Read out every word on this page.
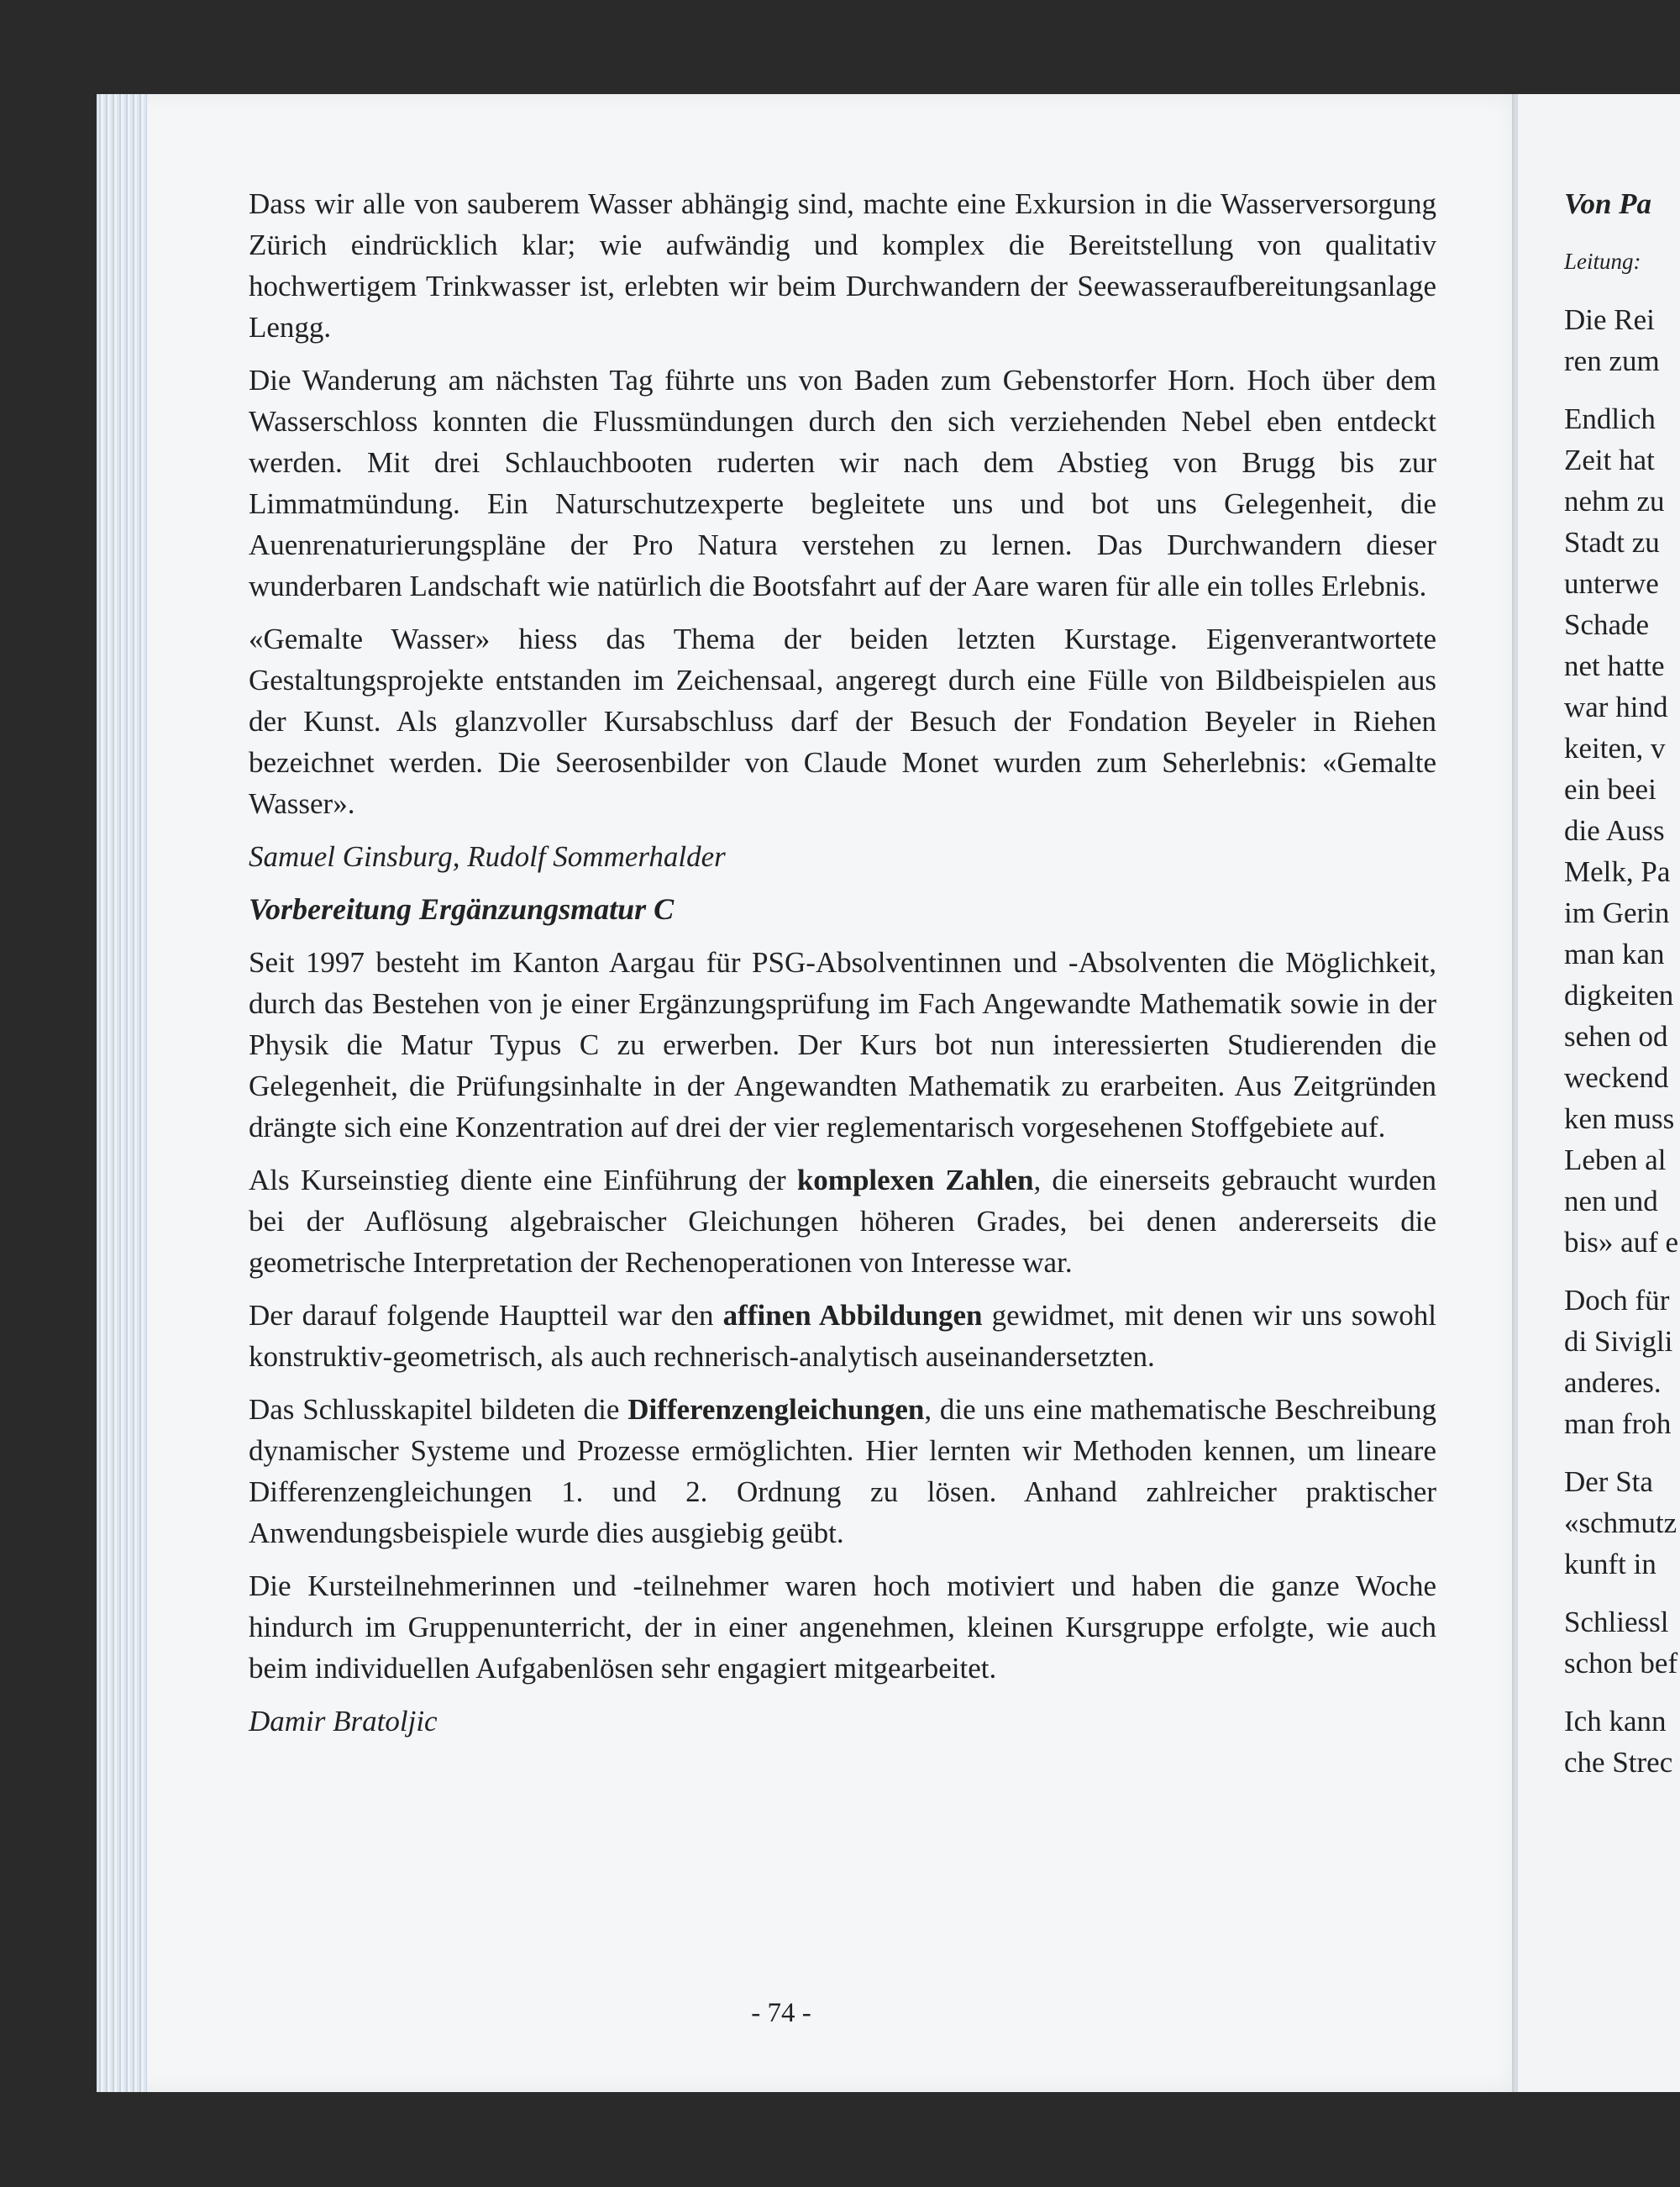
Dass wir alle von sauberem Wasser abhängig sind, machte eine Exkursion in die Wasserversorgung Zürich eindrücklich klar; wie aufwändig und komplex die Bereitstellung von qualitativ hochwertigem Trinkwasser ist, erlebten wir beim Durchwandern der Seewasseraufbereitungsanlage Lengg.

Die Wanderung am nächsten Tag führte uns von Baden zum Gebenstorfer Horn. Hoch über dem Wasserschloss konnten die Flussmündungen durch den sich verziehenden Nebel eben entdeckt werden. Mit drei Schlauchbooten ruderten wir nach dem Abstieg von Brugg bis zur Limmatmündung. Ein Naturschutzexperte begleitete uns und bot uns Gelegenheit, die Auenrenaturierungspläne der Pro Natura verstehen zu lernen. Das Durchwandern dieser wunderbaren Landschaft wie natürlich die Bootsfahrt auf der Aare waren für alle ein tolles Erlebnis.

«Gemalte Wasser» hiess das Thema der beiden letzten Kurstage. Eigenverantwortete Gestaltungsprojekte entstanden im Zeichensaal, angeregt durch eine Fülle von Bildbeispielen aus der Kunst. Als glanzvoller Kursabschluss darf der Besuch der Fondation Beyeler in Riehen bezeichnet werden. Die Seerosenbilder von Claude Monet wurden zum Seherlebnis: «Gemalte Wasser».

Samuel Ginsburg, Rudolf Sommerhalder

Vorbereitung Ergänzungsmatur C

Seit 1997 besteht im Kanton Aargau für PSG-Absolventinnen und -Absolventen die Möglichkeit, durch das Bestehen von je einer Ergänzungsprüfung im Fach Angewandte Mathematik sowie in der Physik die Matur Typus C zu erwerben. Der Kurs bot nun interessierten Studierenden die Gelegenheit, die Prüfungsinhalte in der Angewandten Mathematik zu erarbeiten. Aus Zeitgründen drängte sich eine Konzentration auf drei der vier reglementarisch vorgesehenen Stoffgebiete auf.

Als Kurseinstieg diente eine Einführung der komplexen Zahlen, die einerseits gebraucht wurden bei der Auflösung algebraischer Gleichungen höheren Grades, bei denen andererseits die geometrische Interpretation der Rechenoperationen von Interesse war.

Der darauf folgende Hauptteil war den affinen Abbildungen gewidmet, mit denen wir uns sowohl konstruktiv-geometrisch, als auch rechnerisch-analytisch auseinandersetzten.

Das Schlusskapitel bildeten die Differenzengleichungen, die uns eine mathematische Beschreibung dynamischer Systeme und Prozesse ermöglichten. Hier lernten wir Methoden kennen, um lineare Differenzengleichungen 1. und 2. Ordnung zu lösen. Anhand zahlreicher praktischer Anwendungsbeispiele wurde dies ausgiebig geübt.

Die Kursteilnehmerinnen und -teilnehmer waren hoch motiviert und haben die ganze Woche hindurch im Gruppenunterricht, der in einer angenehmen, kleinen Kursgruppe erfolgte, wie auch beim individuellen Aufgabenlösen sehr engagiert mitgearbeitet.

Damir Bratoljic

- 74 -

Von Pa

Leitung:

Die Rei
ren zum
Endlich
Zeit hat
nehm zu
Stadt zu
unterwe
Schade
net hatte
war hind
keiten, v
ein beei
die Auss
Melk, Pa
im Gerin
man kan
digkeiten
sehen od
weckend
ken muss
Leben al
nen und
bis» auf e
Doch für
di Sivigli
anderes.
man froh
Der Sta
«schmutz
kunft in
Schliessl
schon bef
Ich kann
che Strec
